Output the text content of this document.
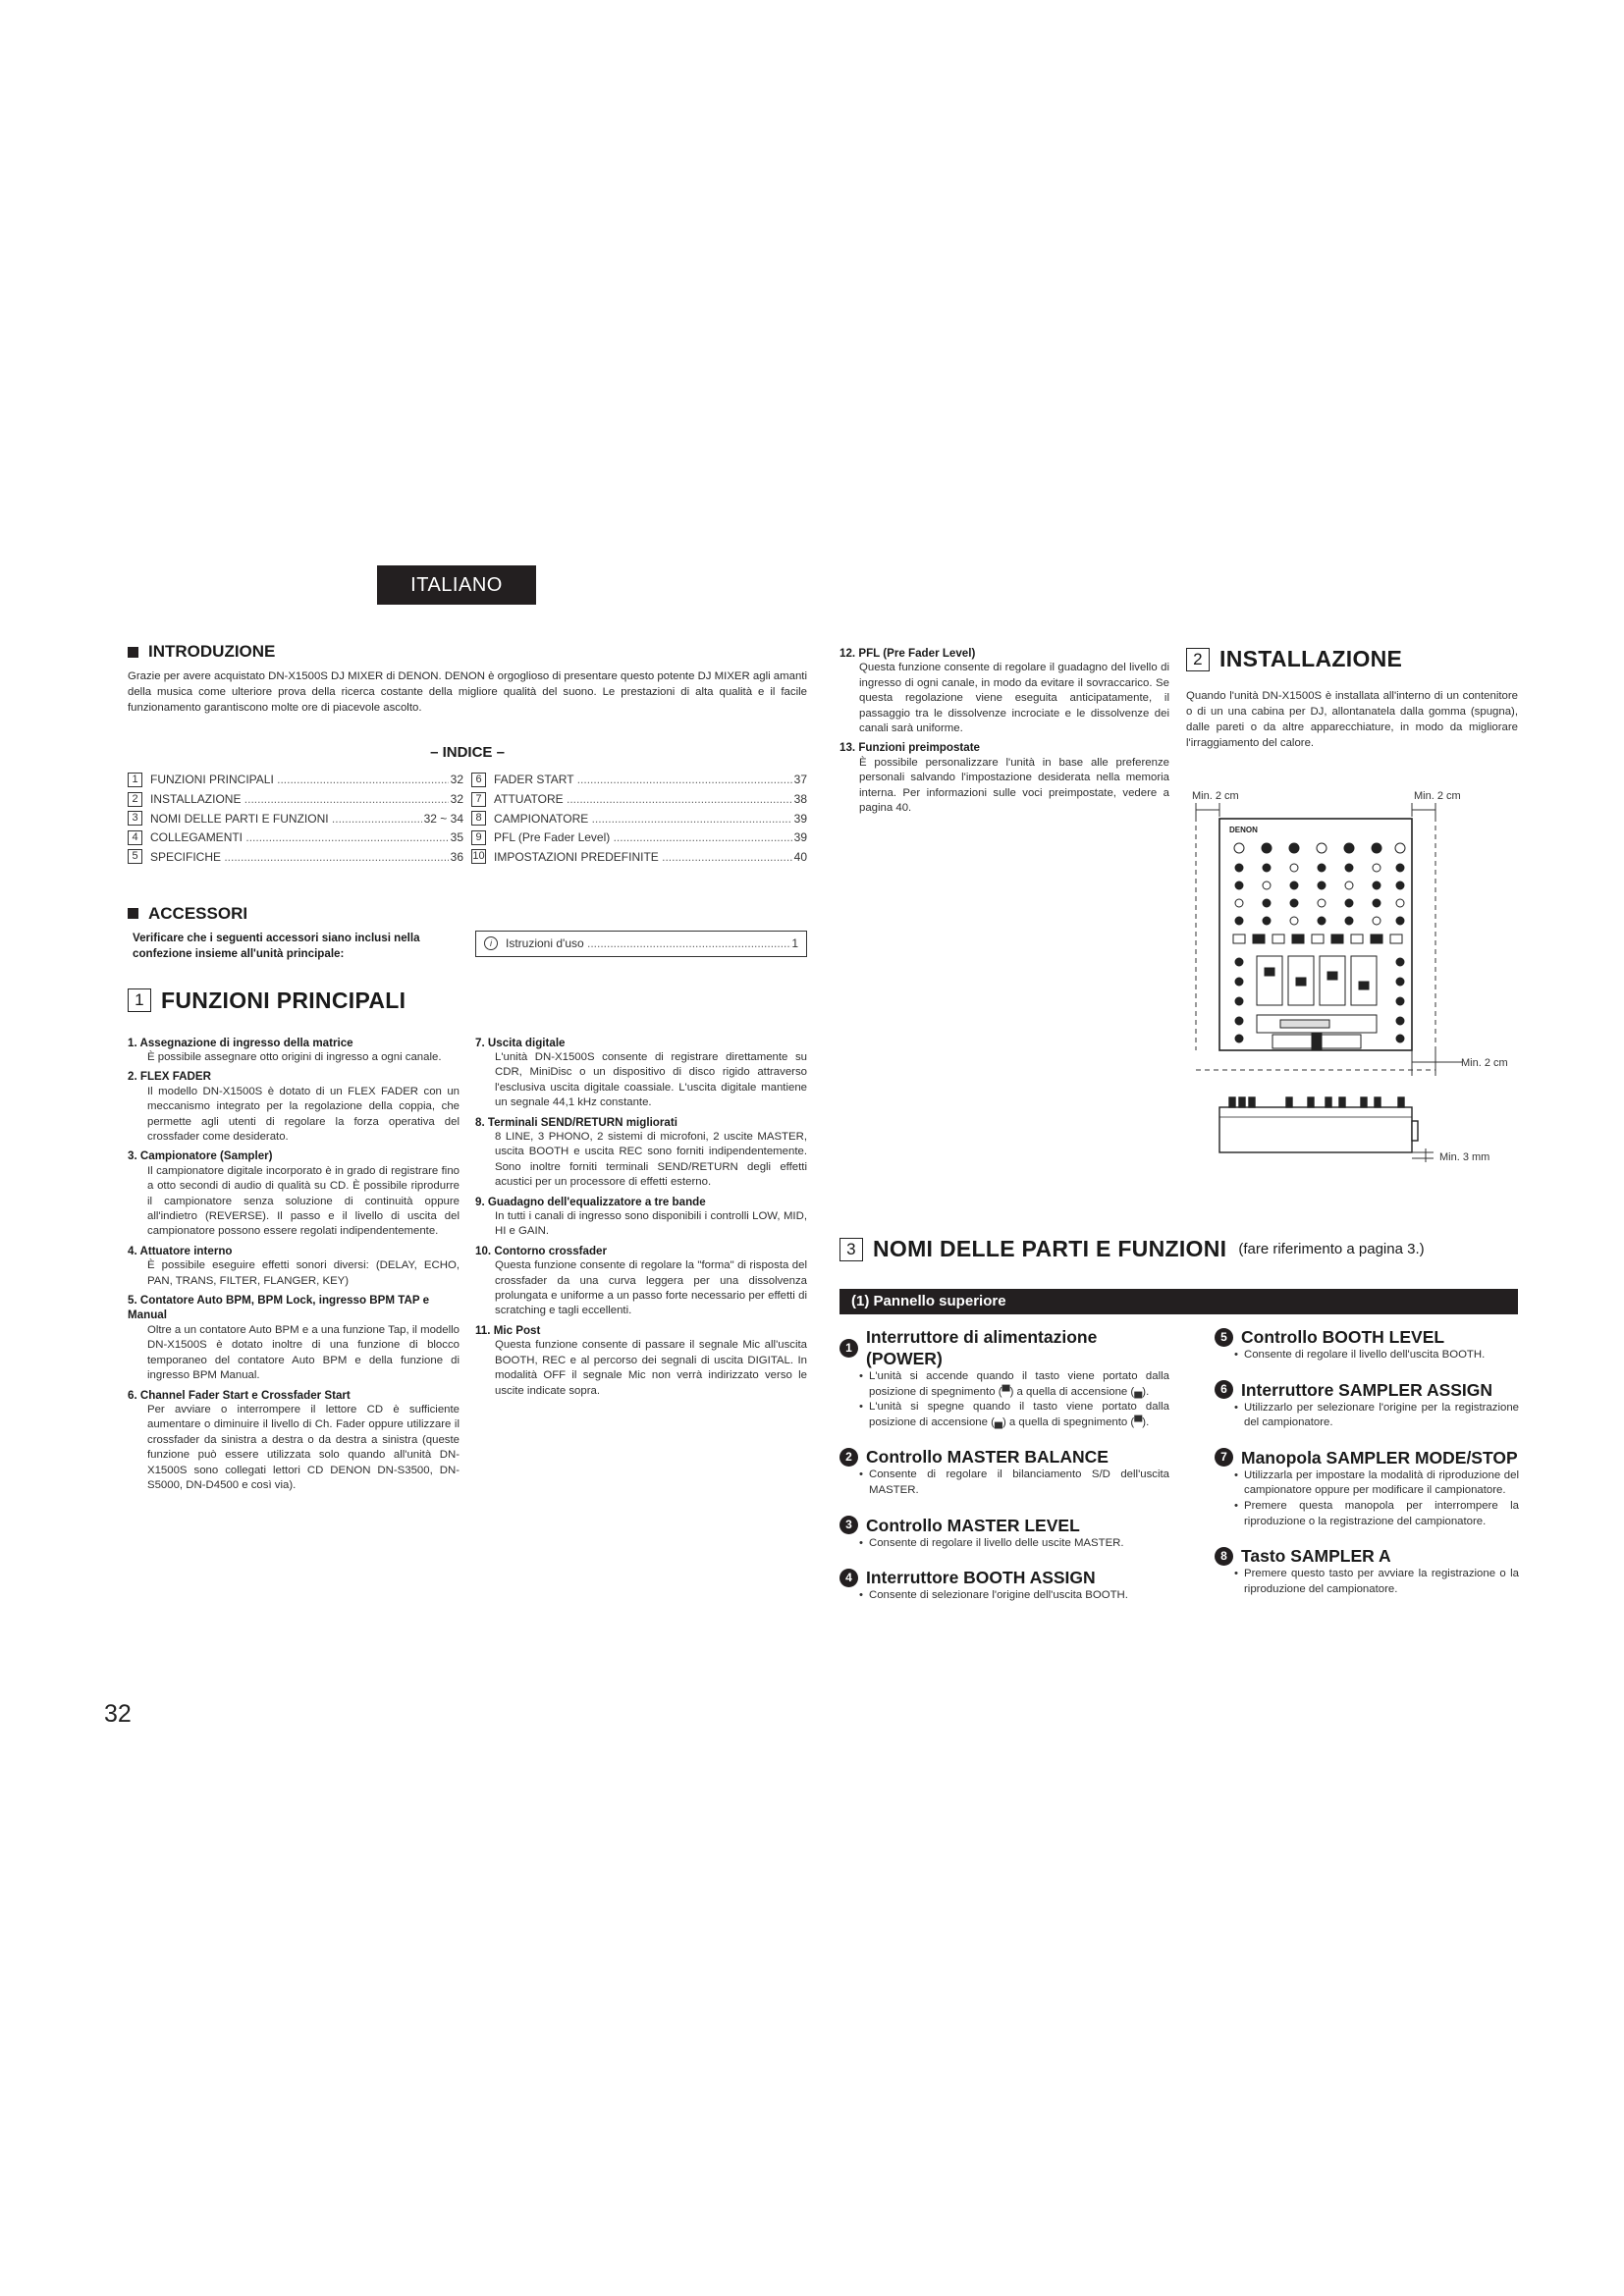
ITALIANO
INTRODUZIONE

Grazie per avere acquistato DN-X1500S DJ MIXER di DENON. DENON è orgoglioso di presentare questo potente DJ MIXER agli amanti della musica come ulteriore prova della ricerca costante della migliore qualità del suono. Le prestazioni di alta qualità e il facile funzionamento garantiscono molte ore di piacevole ascolto.

– INDICE –
1	FUNZIONI PRINCIPALI .....	32	6	FADER START .....	37
2	INSTALLAZIONE .....	32	7	ATTUATORE .....	38
3	NOMI DELLE PARTI E FUNZIONI .....	32 ~ 34	8	CAMPIONATORE .....	39
4	COLLEGAMENTI .....	35	9	PFL (Pre Fader Level) .....	39
5	SPECIFICHE .....	36 10 IMPOSTAZIONI PREDEFINITE .....	40
ACCESSORI
Verificare che i seguenti accessori siano inclusi nella confezione insieme all'unità principale:
i	Istruzioni d'uso .....	1
1 FUNZIONI PRINCIPALI
1. Assegnazione di ingresso della matrice
È possibile assegnare otto origini di ingresso a ogni canale.
2. FLEX FADER
Il modello DN-X1500S è dotato di un FLEX FADER con un meccanismo integrato per la regolazione della coppia, che permette agli utenti di regolare la forza operativa del crossfader come desiderato.
3. Campionatore (Sampler)
Il campionatore digitale incorporato è in grado di registrare fino a otto secondi di audio di qualità su CD. È possibile riprodurre il campionatore senza soluzione di continuità oppure all'indietro (REVERSE). Il passo e il livello di uscita del campionatore possono essere regolati indipendentemente.
4. Attuatore interno
È possibile eseguire effetti sonori diversi: (DELAY, ECHO, PAN, TRANS, FILTER, FLANGER, KEY)
5. Contatore Auto BPM, BPM Lock, ingresso BPM TAP e Manual
Oltre a un contatore Auto BPM e a una funzione Tap, il modello DN-X1500S è dotato inoltre di una funzione di blocco temporaneo del contatore Auto BPM e della funzione di ingresso BPM Manual.
6. Channel Fader Start e Crossfader Start
Per avviare o interrompere il lettore CD è sufficiente aumentare o diminuire il livello di Ch. Fader oppure utilizzare il crossfader da sinistra a destra o da destra a sinistra (queste funzione può essere utilizzata solo quando all'unità DN-X1500S sono collegati lettori CD DENON DN-S3500, DN-S5000, DN-D4500 e così via).
7. Uscita digitale
L'unità DN-X1500S consente di registrare direttamente su CDR, MiniDisc o un dispositivo di disco rigido attraverso l'esclusiva uscita digitale coassiale. L'uscita digitale mantiene un segnale 44,1 kHz constante.
8. Terminali SEND/RETURN migliorati
8 LINE, 3 PHONO, 2 sistemi di microfoni, 2 uscite MASTER, uscita BOOTH e uscita REC sono forniti indipendentemente. Sono inoltre forniti terminali SEND/RETURN degli effetti acustici per un processore di effetti esterno.
9. Guadagno dell'equalizzatore a tre bande
In tutti i canali di ingresso sono disponibili i controlli LOW, MID, HI e GAIN.
10. Contorno crossfader
Questa funzione consente di regolare la "forma" di risposta del crossfader da una curva leggera per una dissolvenza prolungata e uniforme a un passo forte necessario per effetti di scratching e tagli eccellenti.
11. Mic Post
Questa funzione consente di passare il segnale Mic all'uscita BOOTH, REC e al percorso dei segnali di uscita DIGITAL. In modalità OFF il segnale Mic non verrà indirizzato verso le uscite indicate sopra.
12. PFL (Pre Fader Level)
Questa funzione consente di regolare il guadagno del livello di ingresso di ogni canale, in modo da evitare il sovraccarico. Se questa regolazione viene eseguita anticipatamente, il passaggio tra le dissolvenze incrociate e le dissolvenze dei canali sarà uniforme.
13. Funzioni preimpostate
È possibile personalizzare l'unità in base alle preferenze personali salvando l'impostazione desiderata nella memoria interna. Per informazioni sulle voci preimpostate, vedere a pagina 40.
2 INSTALLAZIONE

Quando l'unità DN-X1500S è installata all'interno di un contenitore o di un una cabina per DJ, allontanatela dalla gomma (spugna), dalle pareti o da altre apparecchiature, in modo da migliorare l'irraggiamento del calore.

Min. 2 cm	Min. 2 cm
DENON
Min. 2 cm
Min. 3 mm
3 NOMI DELLE PARTI E FUNZIONI (fare riferimento a pagina 3.)
(1) Pannello superiore
1
Interruttore di alimentazione (POWER)
• L'unità si accende quando il tasto viene portato dalla posizione di spegnimento (▀) a quella di accensione (▄).
• L'unità si spegne quando il tasto viene portato dalla posizione di accensione (▄) a quella di spegnimento (▀).
2 Controllo MASTER BALANCE
• Consente di regolare il bilanciamento S/D dell'uscita MASTER.
3 Controllo MASTER LEVEL
• Consente di regolare il livello delle uscite MASTER.
4 Interruttore BOOTH ASSIGN
• Consente di selezionare l'origine dell'uscita BOOTH.
5 Controllo BOOTH LEVEL
• Consente di regolare il livello dell'uscita BOOTH.
6 Interruttore SAMPLER ASSIGN
• Utilizzarlo per selezionare l'origine per la registrazione del campionatore.
7 Manopola SAMPLER MODE/STOP
• Utilizzarla per impostare la modalità di riproduzione del campionatore oppure per modificare il campionatore.
• Premere questa manopola per interrompere la riproduzione o la registrazione del campionatore.
8 Tasto SAMPLER A
• Premere questo tasto per avviare la registrazione o la riproduzione del campionatore.
32
